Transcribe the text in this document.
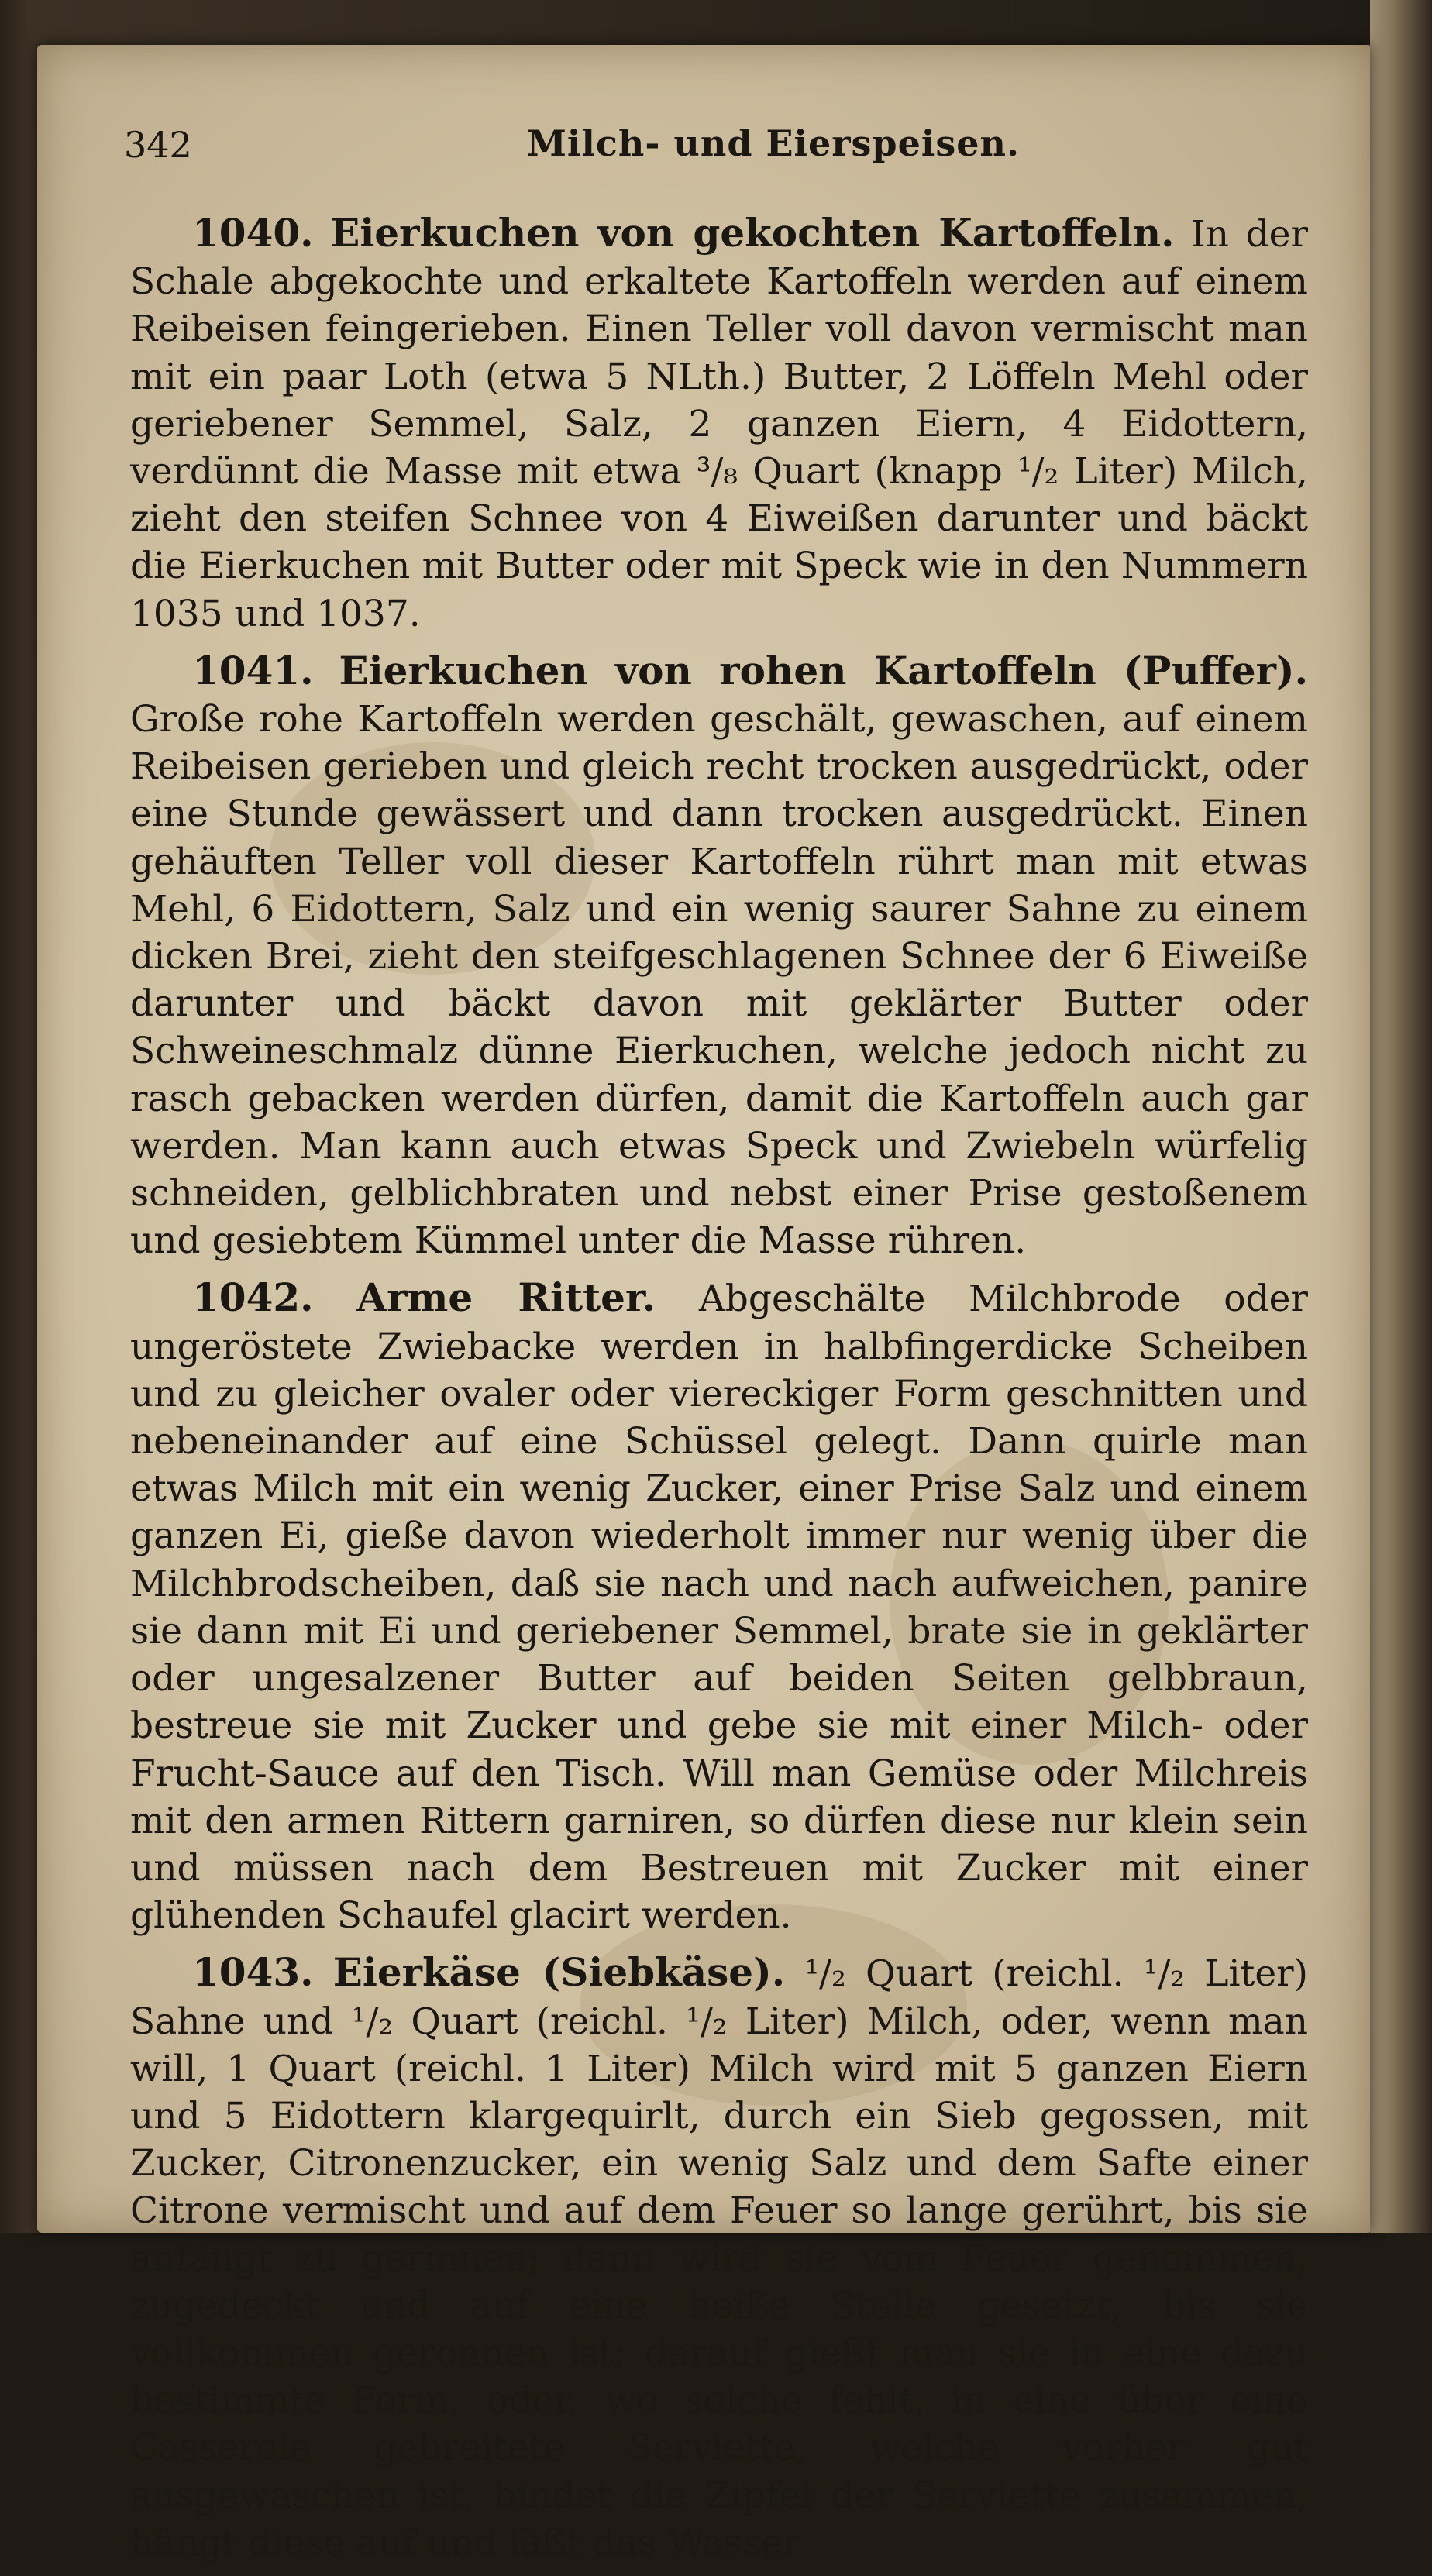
342	Milch- und Eierspeisen.

1040. Eierkuchen von gekochten Kartoffeln. In der Schale abgekochte und erkaltete Kartoffeln werden auf einem Reibeisen feingerieben. Einen Teller voll davon vermischt man mit ein paar Loth (etwa 5 NLth.) Butter, 2 Löffeln Mehl oder geriebener Semmel, Salz, 2 ganzen Eiern, 4 Eidottern, verdünnt die Masse mit etwa ³/₈ Quart (knapp ¹/₂ Liter) Milch, zieht den steifen Schnee von 4 Eiweißen darunter und bäckt die Eierkuchen mit Butter oder mit Speck wie in den Nummern 1035 und 1037.

1041. Eierkuchen von rohen Kartoffeln (Puffer). Große rohe Kartoffeln werden geschält, gewaschen, auf einem Reibeisen gerieben und gleich recht trocken ausgedrückt, oder eine Stunde gewässert und dann trocken ausgedrückt. Einen gehäuften Teller voll dieser Kartoffeln rührt man mit etwas Mehl, 6 Eidottern, Salz und ein wenig saurer Sahne zu einem dicken Brei, zieht den steifgeschlagenen Schnee der 6 Eiweiße darunter und bäckt davon mit geklärter Butter oder Schweineschmalz dünne Eierkuchen, welche jedoch nicht zu rasch gebacken werden dürfen, damit die Kartoffeln auch gar werden. Man kann auch etwas Speck und Zwiebeln würfelig schneiden, gelblichbraten und nebst einer Prise gestoßenem und gesiebtem Kümmel unter die Masse rühren.

1042. Arme Ritter. Abgeschälte Milchbrode oder ungeröstete Zwiebacke werden in halbfingerdicke Scheiben und zu gleicher ovaler oder viereckiger Form geschnitten und nebeneinander auf eine Schüssel gelegt. Dann quirle man etwas Milch mit ein wenig Zucker, einer Prise Salz und einem ganzen Ei, gieße davon wiederholt immer nur wenig über die Milchbrodscheiben, daß sie nach und nach aufweichen, panire sie dann mit Ei und geriebener Semmel, brate sie in geklärter oder ungesalzener Butter auf beiden Seiten gelbbraun, bestreue sie mit Zucker und gebe sie mit einer Milch- oder Frucht-Sauce auf den Tisch. Will man Gemüse oder Milchreis mit den armen Rittern garniren, so dürfen diese nur klein sein und müssen nach dem Bestreuen mit Zucker mit einer glühenden Schaufel glacirt werden.

1043. Eierkäse (Siebkäse). ¹/₂ Quart (reichl. ¹/₂ Liter) Sahne und ¹/₂ Quart (reichl. ¹/₂ Liter) Milch, oder, wenn man will, 1 Quart (reichl. 1 Liter) Milch wird mit 5 ganzen Eiern und 5 Eidottern klargequirlt, durch ein Sieb gegossen, mit Zucker, Citronenzucker, ein wenig Salz und dem Safte einer Citrone vermischt und auf dem Feuer so lange gerührt, bis sie anfängt zu gerinnen; dann wird sie vom Feuer genommen, zugedeckt und auf eine heiße Stelle gesetzt, bis sie vollkommen geronnen ist; darauf gießt man sie in eine dazu bestimmte Form, oder, wo solche fehlt, in eine über eine Casserole gebreitete Serviette, welche vorher gut ausgewaschen ist, bindet die Zipfel der Serviette zusammen, hängt diese auf und läßt das Wasser
